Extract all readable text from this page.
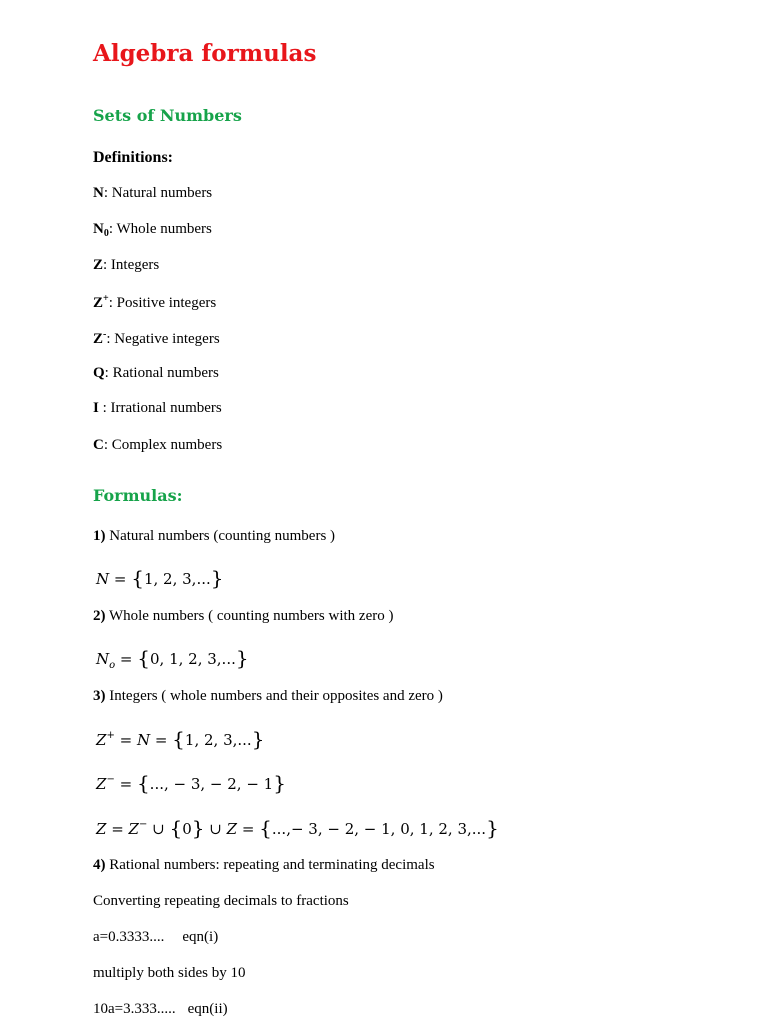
Algebra formulas
Sets of Numbers
Definitions:
N: Natural numbers
$N_0$: Whole numbers
Z: Integers
Z+: Positive integers
Z-: Negative integers
Q: Rational numbers
I : Irrational numbers
C: Complex numbers
Formulas:
1) Natural numbers (counting numbers )
N = {1, 2, 3,...}
2) Whole numbers ( counting numbers with zero )
$N_o = \{0$, 1, 2, 3,...}
3) Integers ( whole numbers and their opposites and zero )
Z+ = N = {1, 2, 3,...}
Z− = {..., − 3, − 2, − 1}
Z = Z− ∪ {0} ∪ Z = {...,− 3, − 2, − 1, 0, 1, 2, 3,...}
4) Rational numbers: repeating and terminating decimals
Converting repeating decimals to fractions
a=0.3333.... eqn(i)
multiply both sides by 10
10a=3.333..... eqn(ii)
